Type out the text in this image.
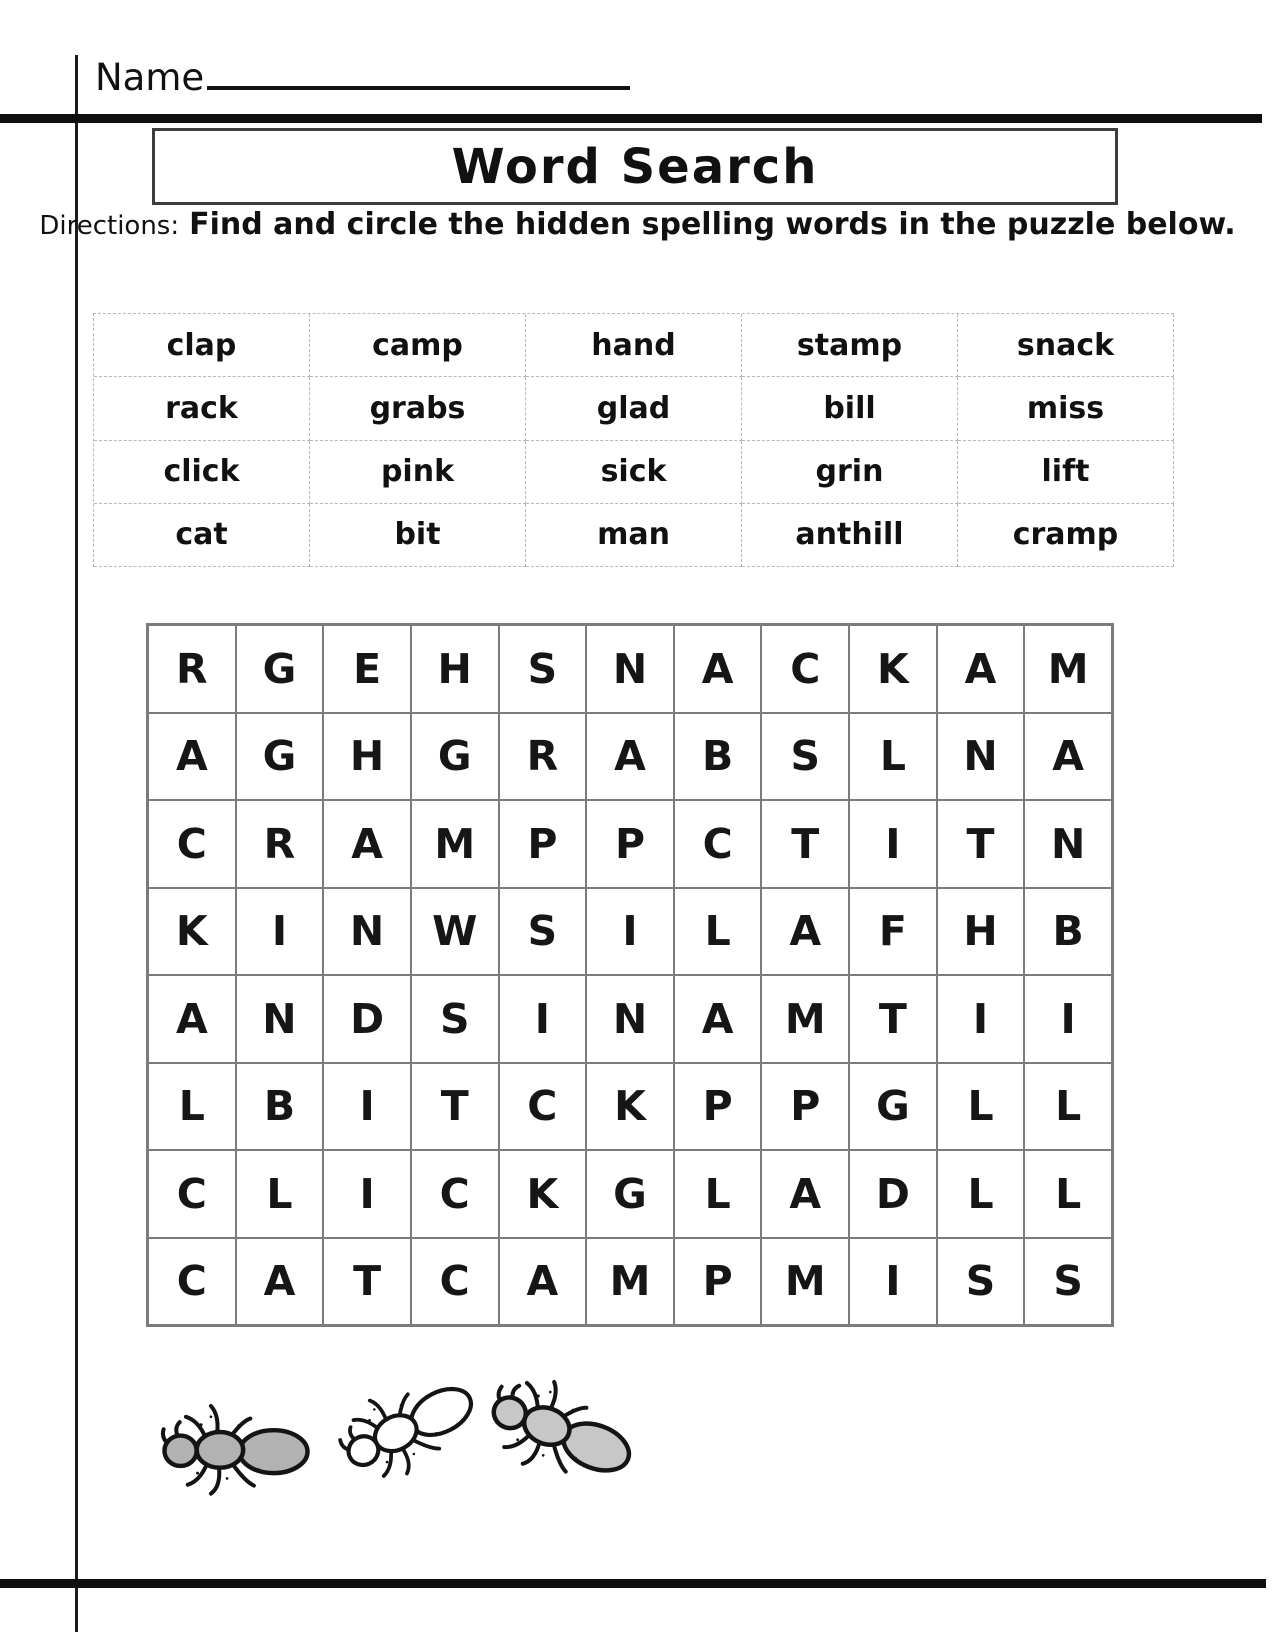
Name
Word Search
Directions: Find and circle the hidden spelling words in the puzzle below.
clap	camp	hand	stamp	snack
rack	grabs	glad	bill	miss
click	pink	sick	grin	lift
cat	bit	man	anthill	cramp
R	G	E	H	S	N	A	C	K	A	M
A	G	H	G	R	A	B	S	L	N	A
C	R	A	M	P	P	C	T	I	T	N
K	I	N	W	S	I	L	A	F	H	B
A	N	D	S	I	N	A	M	T	I	I
L	B	I	T	C	K	P	P	G	L	L
C	L	I	C	K	G	L	A	D	L	L
C	A	T	C	A	M	P	M	I	S	S
